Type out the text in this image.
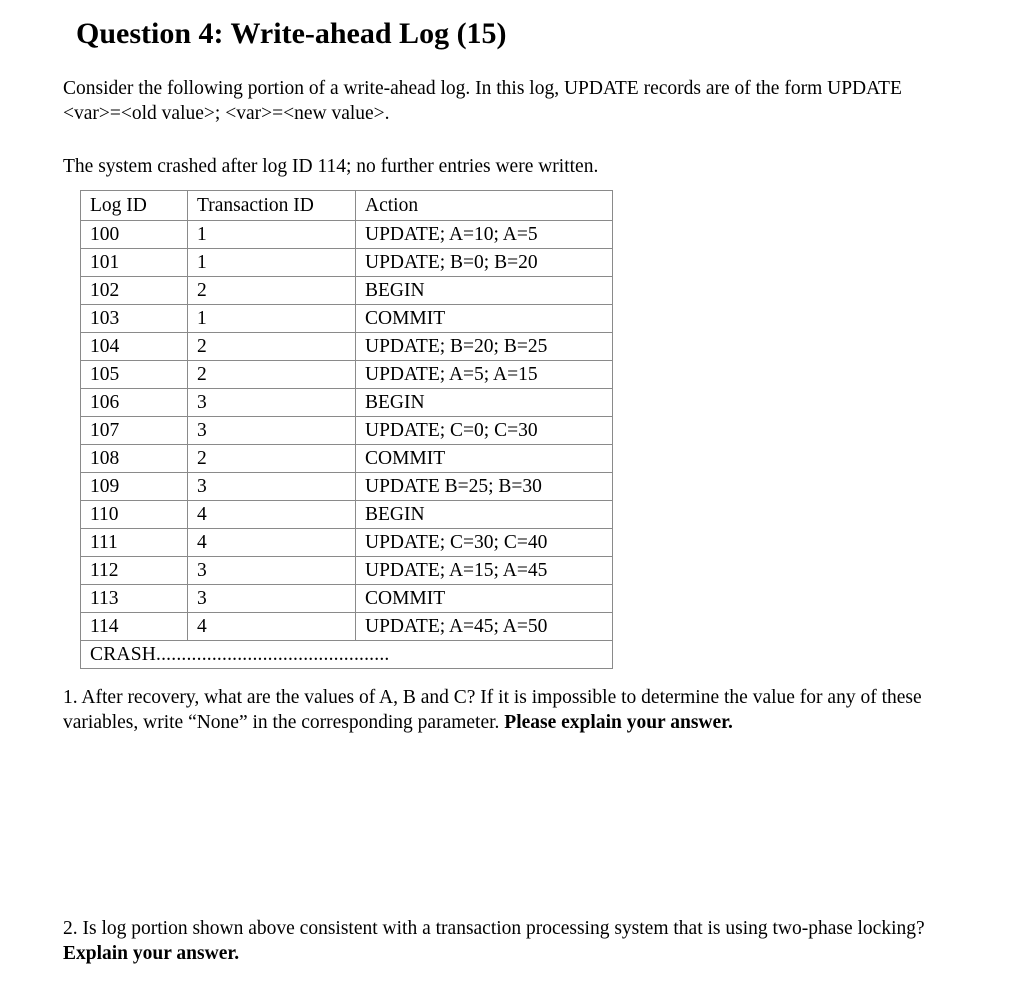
Question 4: Write-ahead Log (15)

Consider the following portion of a write-ahead log. In this log, UPDATE records are of the form UPDATE <var>=<old value>; <var>=<new value>.

The system crashed after log ID 114; no further entries were written.

Log ID	Transaction ID	Action
100	1	UPDATE; A=10; A=5
101	1	UPDATE; B=0; B=20
102	2	BEGIN
103	1	COMMIT
104	2	UPDATE; B=20; B=25
105	2	UPDATE; A=5; A=15
106	3	BEGIN
107	3	UPDATE; C=0; C=30
108	2	COMMIT
109	3	UPDATE B=25; B=30
110	4	BEGIN
111	4	UPDATE; C=30; C=40
112	3	UPDATE; A=15; A=45
113	3	COMMIT
114	4	UPDATE; A=45; A=50
CRASH..............................................		

1. After recovery, what are the values of A, B and C? If it is impossible to determine the value for any of these variables, write “None” in the corresponding parameter. Please explain your answer.

2. Is log portion shown above consistent with a transaction processing system that is using two-phase locking? Explain your answer.
